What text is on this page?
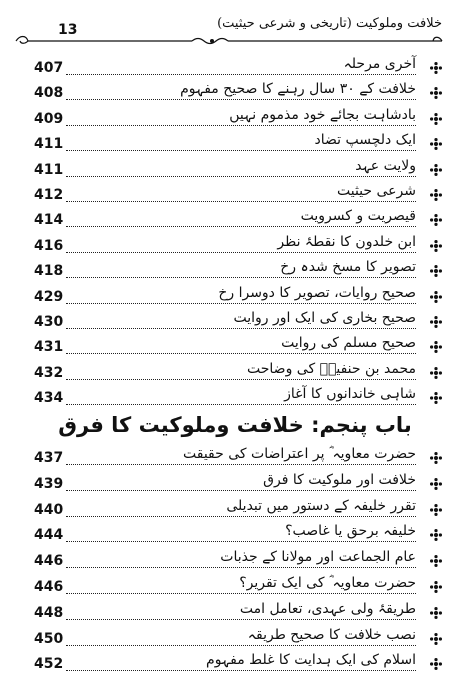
13	خلافت وملوکیت (تاریخی و شرعی حیثیت)
407	آخری مرحلہ
408	خلافت کے ۳۰ سال رہنے کا صحیح مفہوم
409	بادشاہت بجائے خود مذموم نہیں
411	ایک دلچسپ تضاد
411	ولایت عہد
412	شرعی حیثیت
414	قیصریت و کسرویت
416	ابن خلدون کا نقطۂ نظر
418	تصویر کا مسخ شدہ رخ
429	صحیح روایات، تصویر کا دوسرا رخ
430	صحیح بخاری کی ایک اور روایت
431	صحیح مسلم کی روایت
432	محمد بن حنفیہؒ کی وضاحت
434	شاہی خاندانوں کا آغاز
باب پنجم: خلافت وملوکیت کا فرق
437	حضرت معاویہ ؓ پر اعتراضات کی حقیقت
439	خلافت اور ملوکیت کا فرق
440	تقرر خلیفہ کے دستور میں تبدیلی
444	خلیفہ برحق یا غاصب؟
446	عام الجماعت اور مولانا کے جذبات
446	حضرت معاویہ ؓ کی ایک تقریر؟
448	طریقۂ ولی عہدی، تعامل امت
450	نصب خلافت کا صحیح طریقہ
452	اسلام کی ایک ہدایت کا غلط مفہوم
